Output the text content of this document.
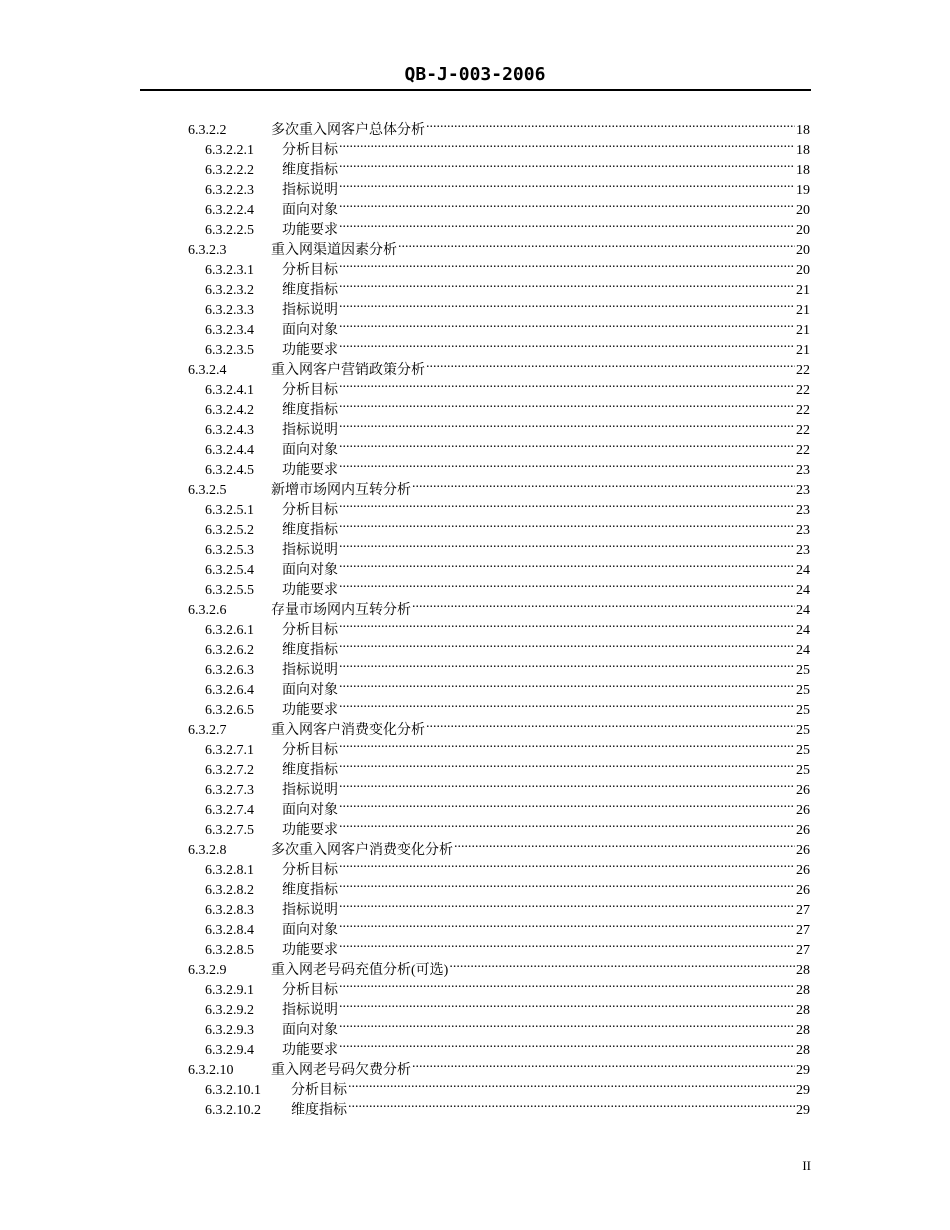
QB-J-003-2006
6.3.2.2	多次重入网客户总体分析 .....	18
6.3.2.2.1	分析目标 .....	18
6.3.2.2.2	维度指标 .....	18
6.3.2.2.3	指标说明 .....	19
6.3.2.2.4	面向对象 .....	20
6.3.2.2.5	功能要求 .....	20
6.3.2.3	重入网渠道因素分析 .....	20
6.3.2.3.1	分析目标 .....	20
6.3.2.3.2	维度指标 .....	21
6.3.2.3.3	指标说明 .....	21
6.3.2.3.4	面向对象 .....	21
6.3.2.3.5	功能要求 .....	21
6.3.2.4	重入网客户营销政策分析 .....	22
6.3.2.4.1	分析目标 .....	22
6.3.2.4.2	维度指标 .....	22
6.3.2.4.3	指标说明 .....	22
6.3.2.4.4	面向对象 .....	22
6.3.2.4.5	功能要求 .....	23
6.3.2.5	新增市场网内互转分析 .....	23
6.3.2.5.1	分析目标 .....	23
6.3.2.5.2	维度指标 .....	23
6.3.2.5.3	指标说明 .....	23
6.3.2.5.4	面向对象 .....	24
6.3.2.5.5	功能要求 .....	24
6.3.2.6	存量市场网内互转分析 .....	24
6.3.2.6.1	分析目标 .....	24
6.3.2.6.2	维度指标 .....	24
6.3.2.6.3	指标说明 .....	25
6.3.2.6.4	面向对象 .....	25
6.3.2.6.5	功能要求 .....	25
6.3.2.7	重入网客户消费变化分析 .....	25
6.3.2.7.1	分析目标 .....	25
6.3.2.7.2	维度指标 .....	25
6.3.2.7.3	指标说明 .....	26
6.3.2.7.4	面向对象 .....	26
6.3.2.7.5	功能要求 .....	26
6.3.2.8	多次重入网客户消费变化分析 .....	26
6.3.2.8.1	分析目标 .....	26
6.3.2.8.2	维度指标 .....	26
6.3.2.8.3	指标说明 .....	27
6.3.2.8.4	面向对象 .....	27
6.3.2.8.5	功能要求 .....	27
6.3.2.9	重入网老号码充值分析(可选) .....	28
6.3.2.9.1	分析目标 .....	28
6.3.2.9.2	指标说明 .....	28
6.3.2.9.3	面向对象 .....	28
6.3.2.9.4	功能要求 .....	28
6.3.2.10	重入网老号码欠费分析 .....	29
6.3.2.10.1	分析目标 .....	29
6.3.2.10.2	维度指标 .....	29
II
